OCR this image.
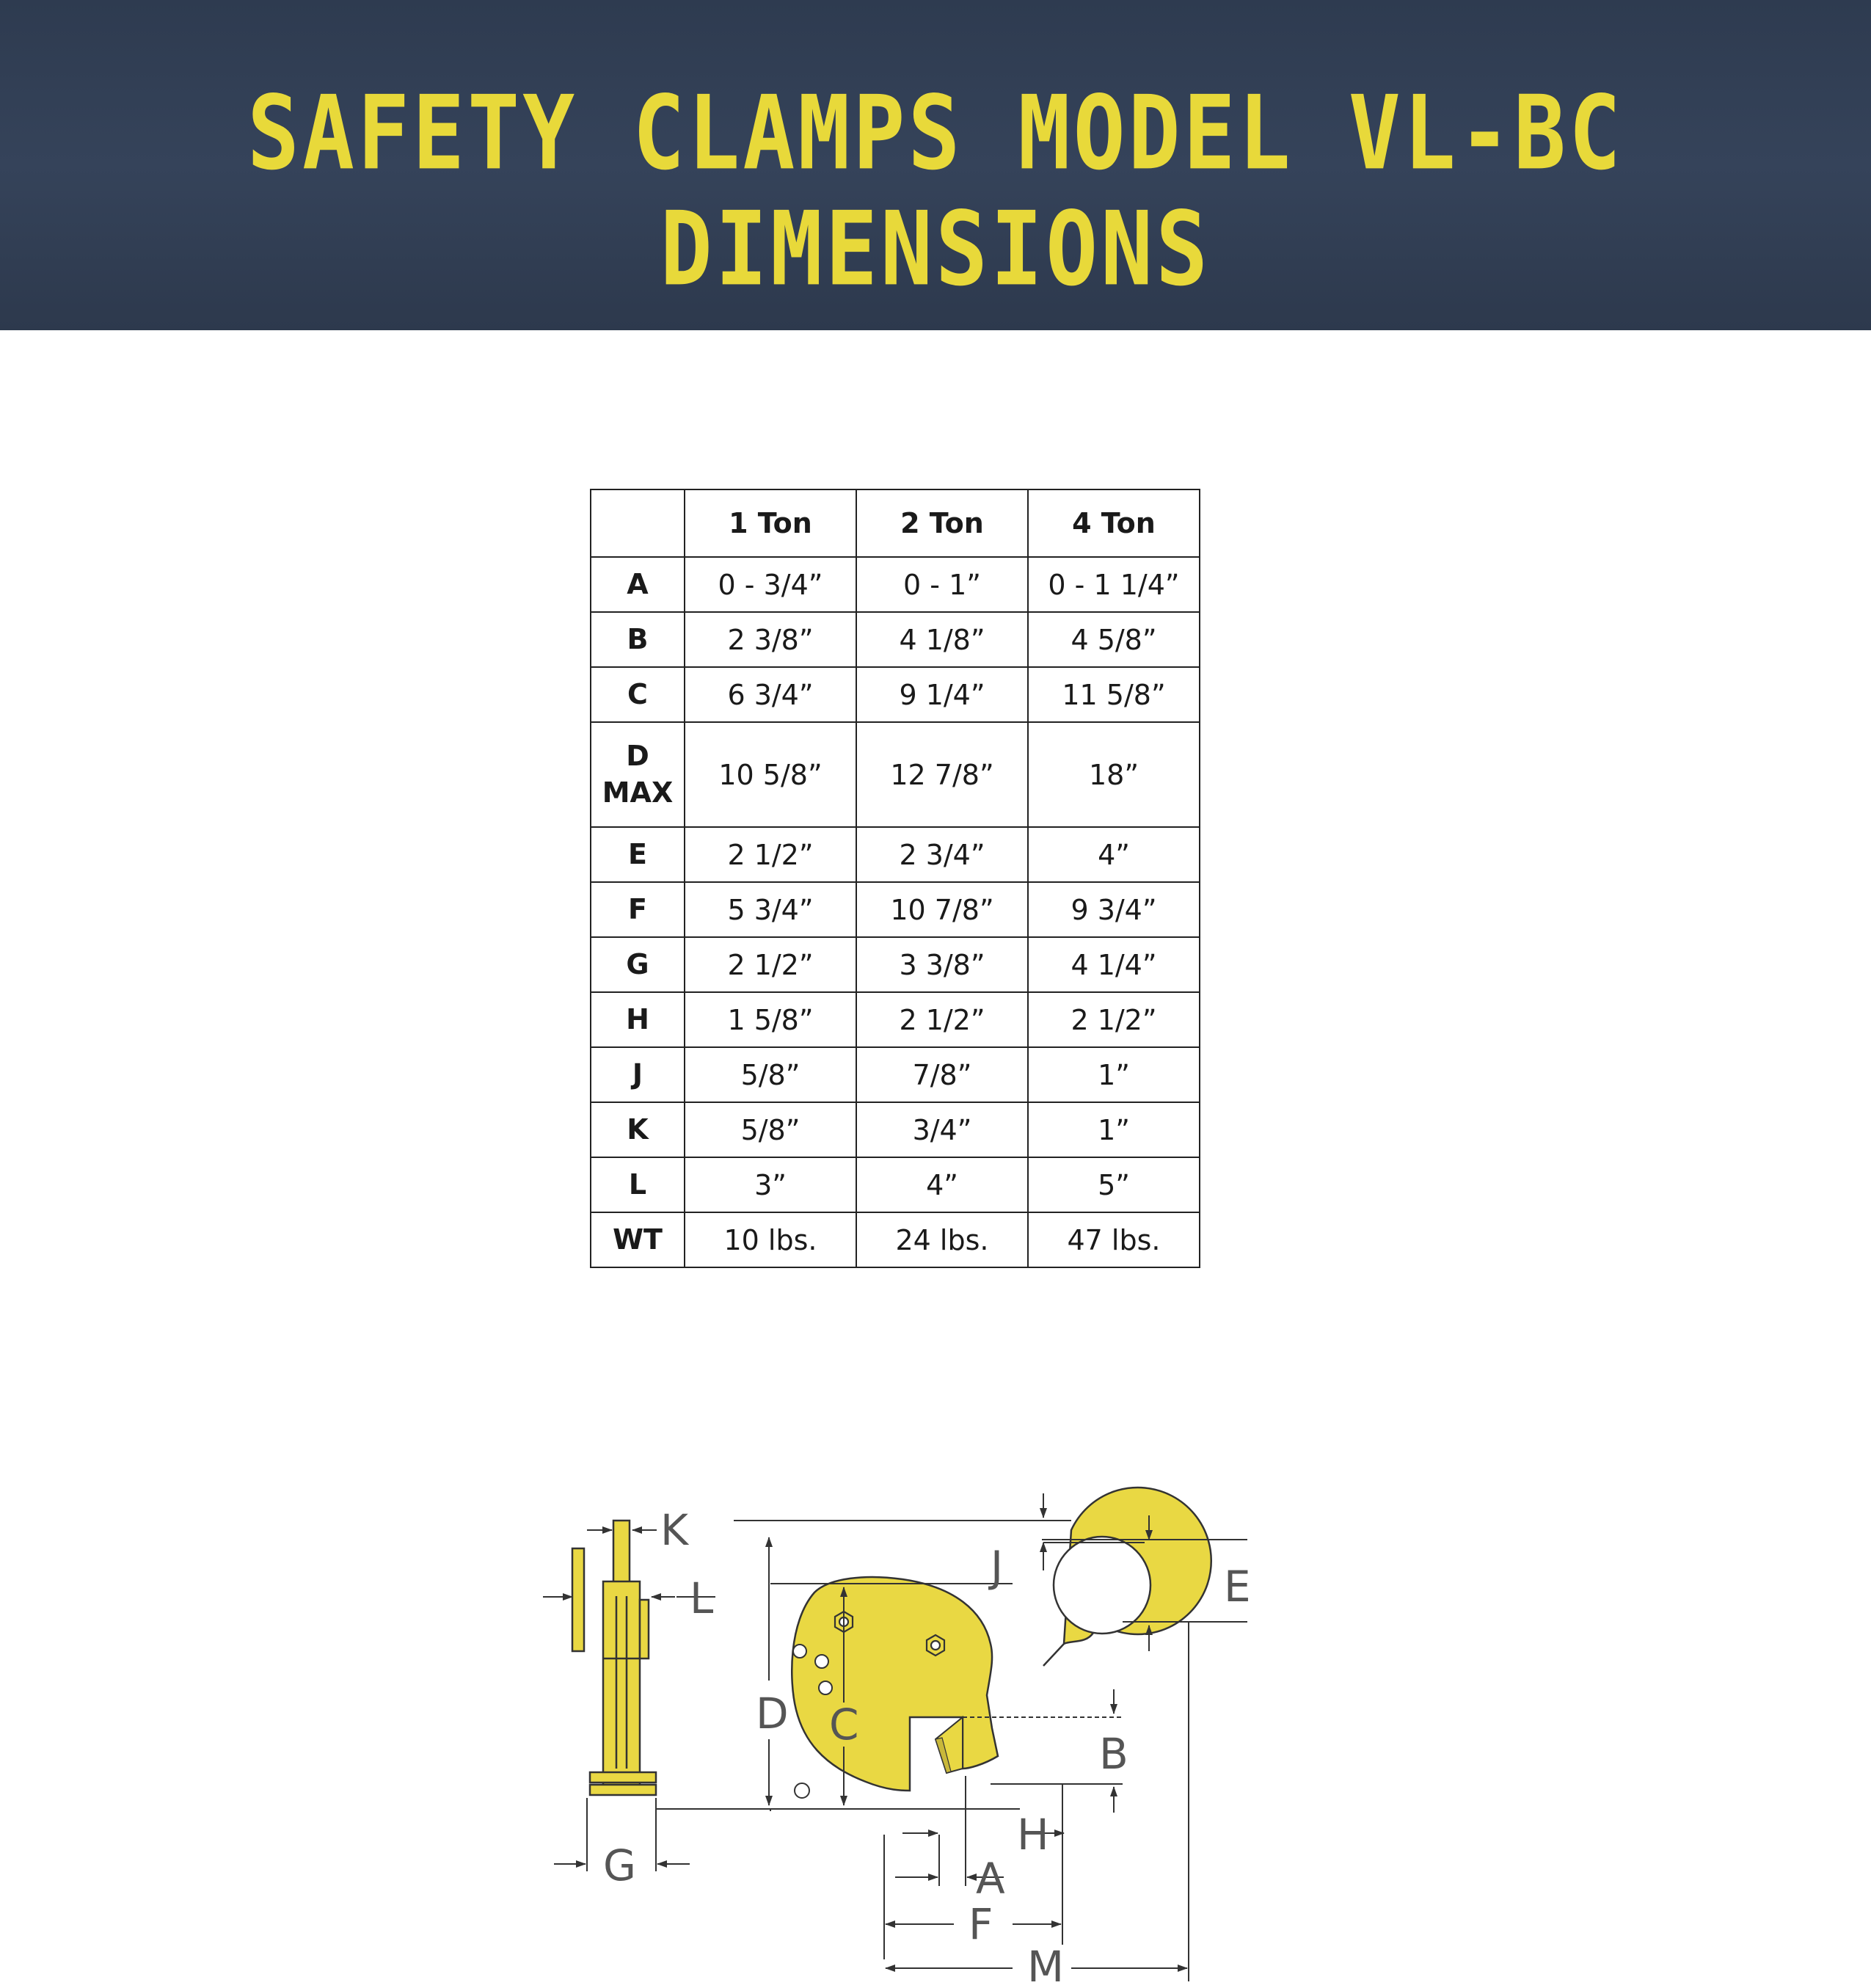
SAFETY CLAMPS MODEL VL-BC
DIMENSIONS
	1 Ton	2 Ton	4 Ton
A	0 - 3/4”	0 - 1”	0 - 1 1/4”
B	2 3/8”	4 1/8”	4 5/8”
C	6 3/4”	9 1/4”	11 5/8”

D
MAX	10 5/8”	12 7/8”	18”
E	2 1/2”	2 3/4”	4”
F	5 3/4”	10 7/8”	9 3/4”
G	2 1/2”	3 3/8”	4 1/4”
H	1 5/8”	2 1/2”	2 1/2”
J	5/8”	7/8”	1”
K	5/8”	3/4”	1”
L	3”	4”	5”
WT	10 lbs.	24 lbs.	47 lbs.
K
L
G
D C
J	E
B
H
A
F
M
